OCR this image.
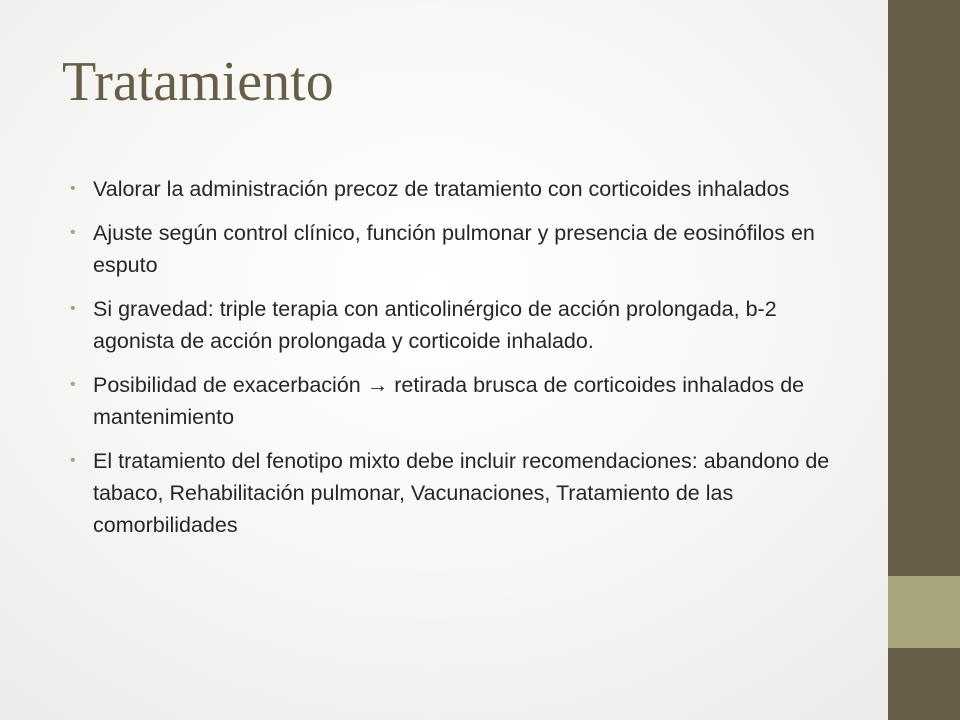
Tratamiento
• Valorar la administración precoz de tratamiento con corticoides inhalados
• Ajuste según control clínico, función pulmonar y presencia de eosinófilos en esputo
• Si gravedad: triple terapia con anticolinérgico de acción prolongada, b-2 agonista de acción prolongada y corticoide inhalado.
• Posibilidad de exacerbación → retirada brusca de corticoides inhalados de mantenimiento
• El tratamiento del fenotipo mixto debe incluir recomendaciones: abandono de tabaco, Rehabilitación pulmonar, Vacunaciones, Tratamiento de las comorbilidades
